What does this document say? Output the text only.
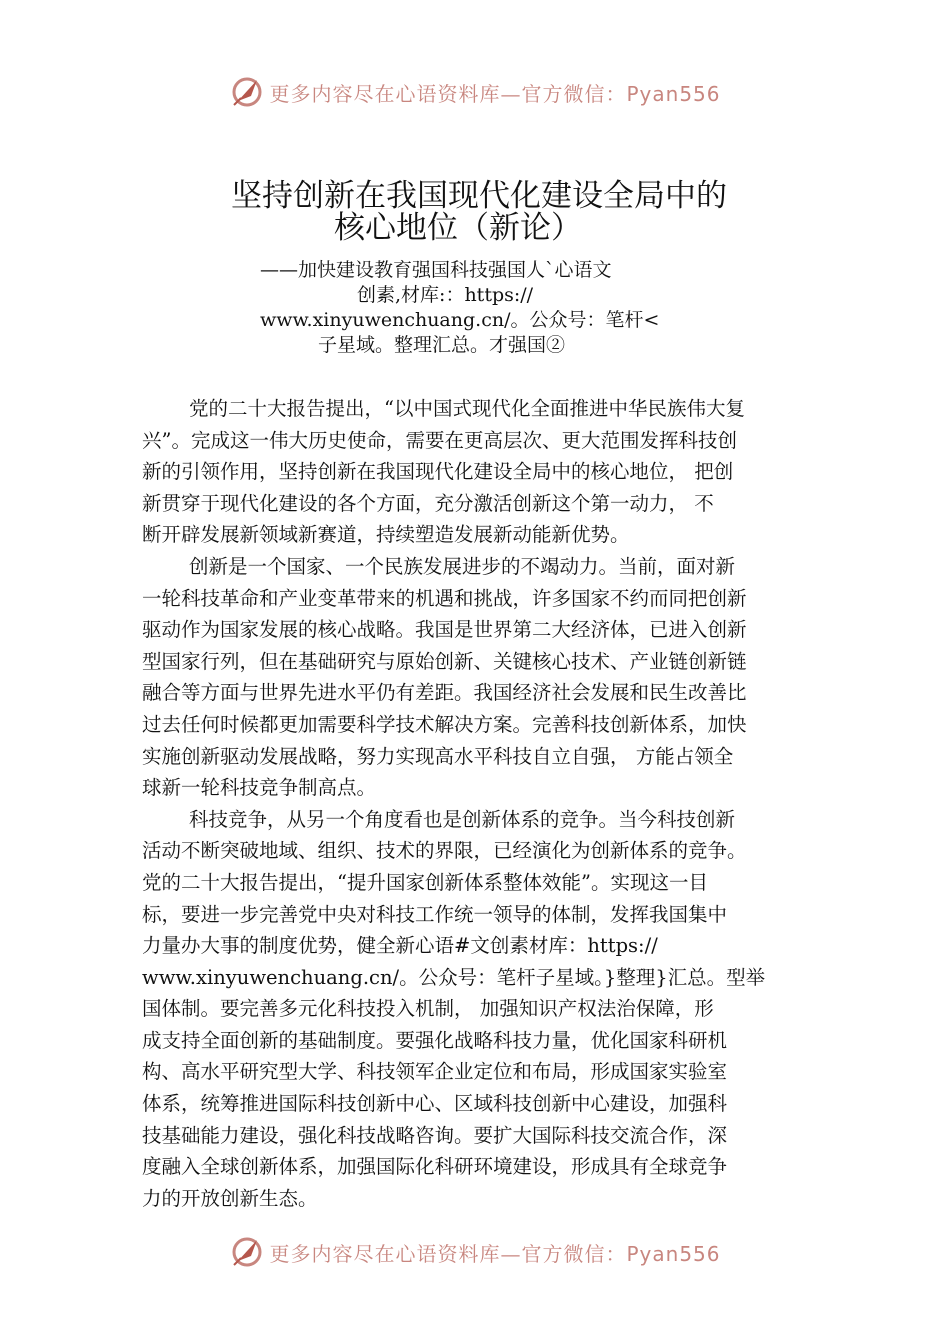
更多内容尽在心语资料库—官方微信：Pyan556
坚持创新在我国现代化建设全局中的
核心地位（新论）
——加快建设教育强国科技强国人`心语文
创素,材库:：https://
www.xinyuwenchuang.cn/。公众号：笔杆<
子星域。整理汇总。才强国②

党的二十大报告提出，“以中国式现代化全面推进中华民族伟大复
兴”。完成这一伟大历史使命，需要在更高层次、更大范围发挥科技创
新的引领作用，坚持创新在我国现代化建设全局中的核心地位， 把创
新贯穿于现代化建设的各个方面，充分激活创新这个第一动力， 不
断开辟发展新领域新赛道，持续塑造发展新动能新优势。

创新是一个国家、一个民族发展进步的不竭动力。当前，面对新
一轮科技革命和产业变革带来的机遇和挑战，许多国家不约而同把创新
驱动作为国家发展的核心战略。我国是世界第二大经济体，已进入创新
型国家行列，但在基础研究与原始创新、关键核心技术、产业链创新链
融合等方面与世界先进水平仍有差距。我国经济社会发展和民生改善比
过去任何时候都更加需要科学技术解决方案。完善科技创新体系，加快
实施创新驱动发展战略，努力实现高水平科技自立自强， 方能占领全
球新一轮科技竞争制高点。

科技竞争，从另一个角度看也是创新体系的竞争。当今科技创新
活动不断突破地域、组织、技术的界限，已经演化为创新体系的竞争。
党的二十大报告提出，“提升国家创新体系整体效能”。实现这一目
标，要进一步完善党中央对科技工作统一领导的体制，发挥我国集中
力量办大事的制度优势，健全新心语#文创素材库：https://
www.xinyuwenchuang.cn/。公众号：笔杆子星域。}整理}汇总。型举
国体制。要完善多元化科技投入机制， 加强知识产权法治保障，形
成支持全面创新的基础制度。要强化战略科技力量，优化国家科研机
构、高水平研究型大学、科技领军企业定位和布局，形成国家实验室
体系，统筹推进国际科技创新中心、区域科技创新中心建设，加强科
技基础能力建设，强化科技战略咨询。要扩大国际科技交流合作，深
度融入全球创新体系，加强国际化科研环境建设，形成具有全球竞争
力的开放创新生态。

更多内容尽在心语资料库—官方微信：Pyan556
